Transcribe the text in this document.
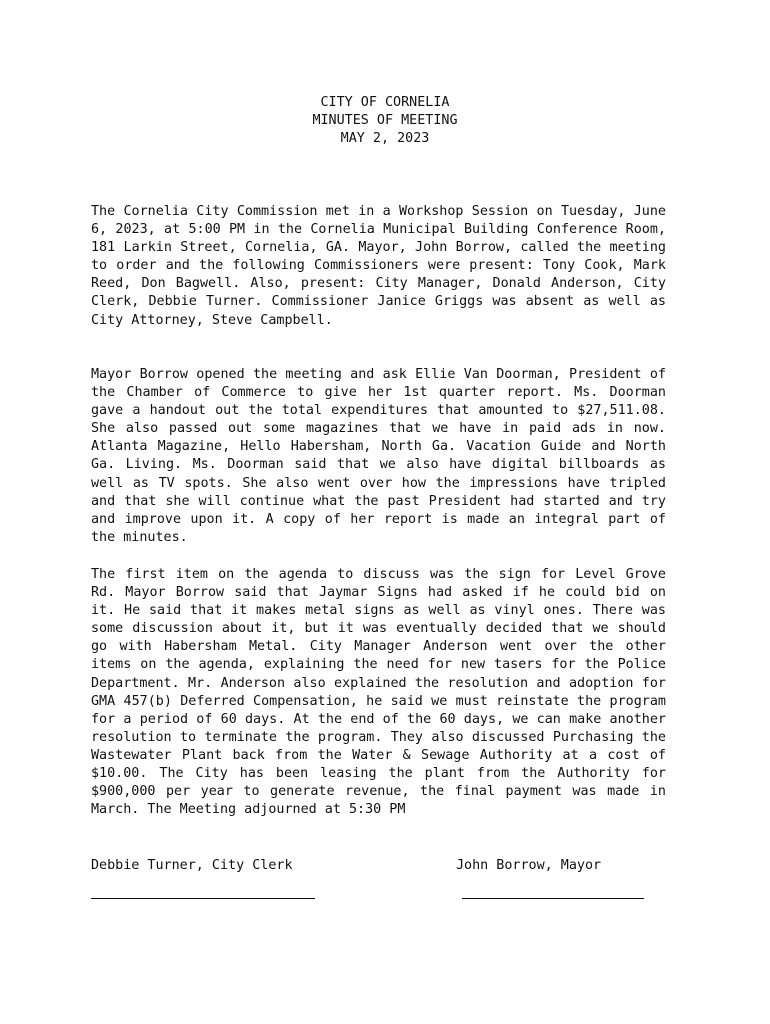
CITY OF CORNELIA
MINUTES OF MEETING
MAY 2, 2023

The Cornelia City Commission met in a Workshop Session on Tuesday, June 6, 2023, at 5:00 PM in the Cornelia Municipal Building Conference Room, 181 Larkin Street, Cornelia, GA. Mayor, John Borrow, called the meeting to order and the following Commissioners were present: Tony Cook, Mark Reed, Don Bagwell. Also, present: City Manager, Donald Anderson, City Clerk, Debbie Turner. Commissioner Janice Griggs was absent as well as City Attorney, Steve Campbell.

Mayor Borrow opened the meeting and ask Ellie Van Doorman, President of the Chamber of Commerce to give her 1st quarter report. Ms. Doorman gave a handout out the total expenditures that amounted to $27,511.08. She also passed out some magazines that we have in paid ads in now. Atlanta Magazine, Hello Habersham, North Ga. Vacation Guide and North Ga. Living. Ms. Doorman said that we also have digital billboards as well as TV spots. She also went over how the impressions have tripled and that she will continue what the past President had started and try and improve upon it. A copy of her report is made an integral part of the minutes.

The first item on the agenda to discuss was the sign for Level Grove Rd. Mayor Borrow said that Jaymar Signs had asked if he could bid on it. He said that it makes metal signs as well as vinyl ones. There was some discussion about it, but it was eventually decided that we should go with Habersham Metal. City Manager Anderson went over the other items on the agenda, explaining the need for new tasers for the Police Department. Mr. Anderson also explained the resolution and adoption for GMA 457(b) Deferred Compensation, he said we must reinstate the program for a period of 60 days. At the end of the 60 days, we can make another resolution to terminate the program. They also discussed Purchasing the Wastewater Plant back from the Water & Sewage Authority at a cost of $10.00. The City has been leasing the plant from the Authority for $900,000 per year to generate revenue, the final payment was made in March. The Meeting adjourned at 5:30 PM

Debbie Turner, City Clerk	John Borrow, Mayor
